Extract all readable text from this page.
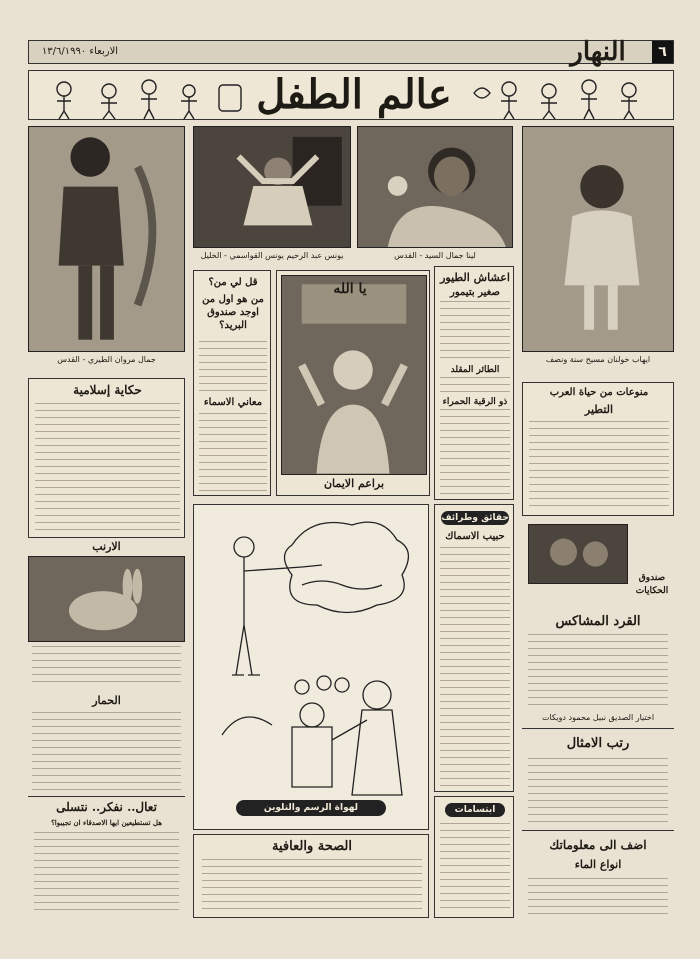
٦
النهار
الاربعاء ١٣/٦/١٩٩٠
عالم الطفل
ايهاب خولنان مسيح سنة ونصف
لينا جمال السيد - القدس
يونس عبد الرحيم يونس القواسمي - الخليل
جمال مروان الطيري - القدس
اعشاش الطيور
صغير بتيمور
الطائر المقلد
ذو الرقبة الحمراء
يا الله
براعم الايمان
قل لي من؟
من هو اول من اوجد صندوق البريد؟
معاني الاسماء
حكاية إسلامية
الارنب
الحمار
تعال.. نفكر.. نتسلى
هل تستطيعين ايها الاصدقاء ان تجيبوا؟
لهواة الرسم والتلوين
الصحة والعافية
حقائق وطرائف
حبيب الاسماك
ابتسامات
منوعات من حياة العرب
التطير
صندوق الحكايات
القرد المشاكس
اختيار الصديق نبيل محمود دويكات
رتب الامثال
اضف الى معلوماتك
انواع الماء
